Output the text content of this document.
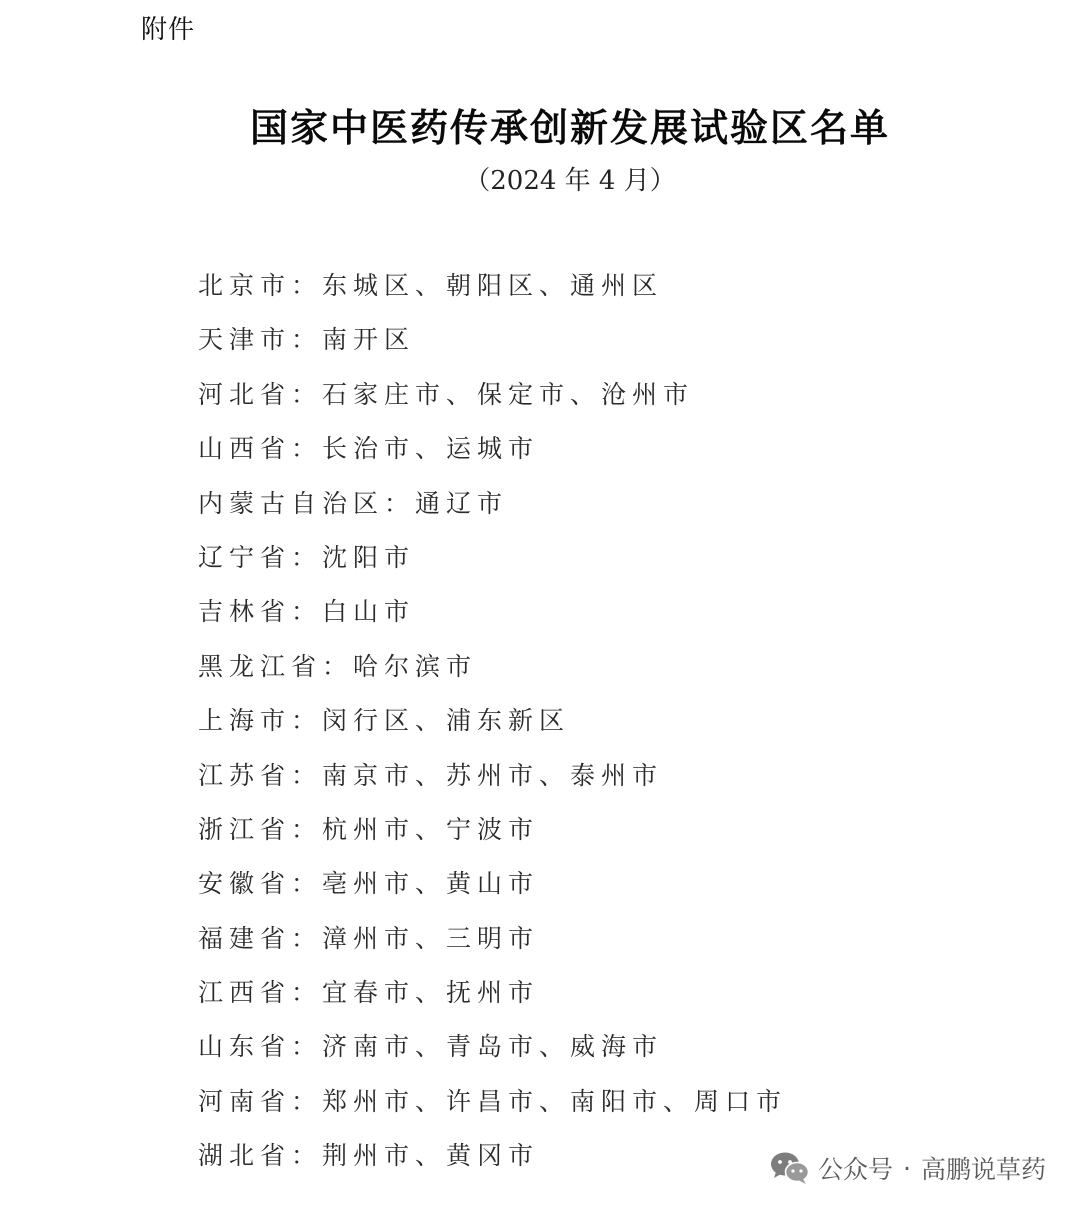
附件
国家中医药传承创新发展试验区名单
（2024 年 4 月）
北京市：东城区、朝阳区、通州区
天津市：南开区
河北省：石家庄市、保定市、沧州市
山西省：长治市、运城市
内蒙古自治区：通辽市
辽宁省：沈阳市
吉林省：白山市
黑龙江省：哈尔滨市
上海市：闵行区、浦东新区
江苏省：南京市、苏州市、泰州市
浙江省：杭州市、宁波市
安徽省：亳州市、黄山市
福建省：漳州市、三明市
江西省：宜春市、抚州市
山东省：济南市、青岛市、威海市
河南省：郑州市、许昌市、南阳市、周口市
湖北省：荆州市、黄冈市	公众号 · 高鹏说草药
